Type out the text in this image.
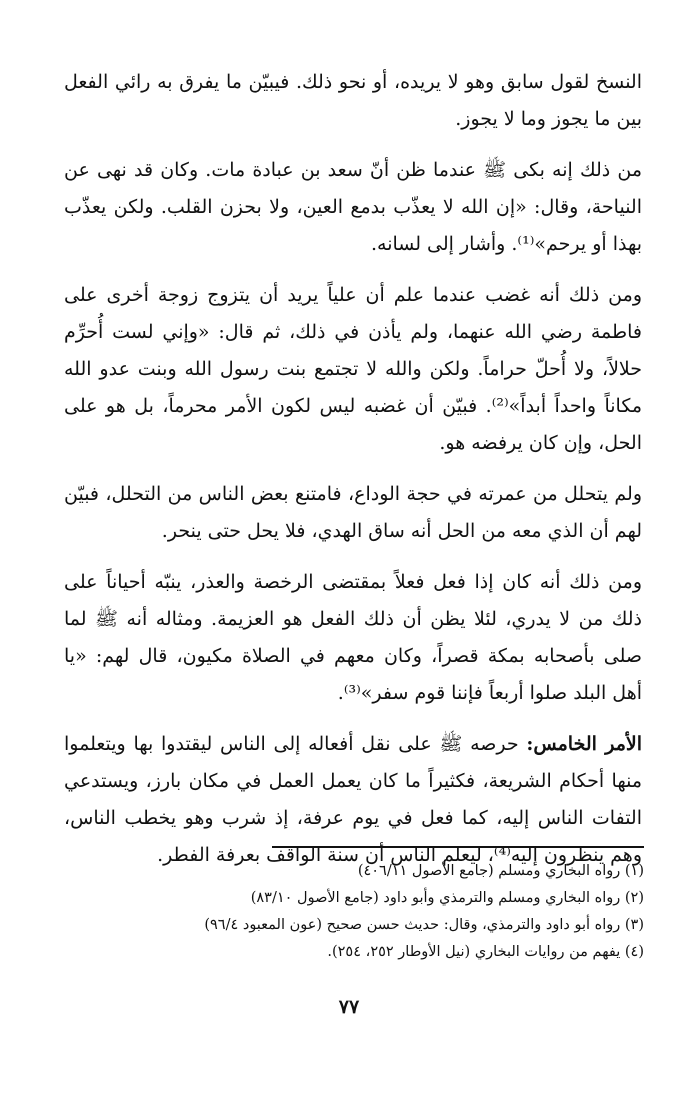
النسخ لقول سابق وهو لا يريده، أو نحو ذلك. فيبيّن ما يفرق به رائي الفعل بين ما يجوز وما لا يجوز.

من ذلك إنه بكى ﷺ عندما ظن أنّ سعد بن عبادة مات. وكان قد نهى عن النياحة، وقال: «إن الله لا يعذّب بدمع العين، ولا بحزن القلب. ولكن يعذّب بهذا أو يرحم»⁽¹⁾. وأشار إلى لسانه.

ومن ذلك أنه غضب عندما علم أن علياً يريد أن يتزوج زوجة أخرى على فاطمة رضي الله عنهما، ولم يأذن في ذلك، ثم قال: «وإني لست أُحرِّم حلالاً، ولا أُحلّ حراماً. ولكن والله لا تجتمع بنت رسول الله وبنت عدو الله مكاناً واحداً أبداً»⁽²⁾. فبيّن أن غضبه ليس لكون الأمر محرماً، بل هو على الحل، وإن كان يرفضه هو.

ولم يتحلل من عمرته في حجة الوداع، فامتنع بعض الناس من التحلل، فبيّن لهم أن الذي معه من الحل أنه ساق الهدي، فلا يحل حتى ينحر.

ومن ذلك أنه كان إذا فعل فعلاً بمقتضى الرخصة والعذر، ينبّه أحياناً على ذلك من لا يدري، لئلا يظن أن ذلك الفعل هو العزيمة. ومثاله أنه ﷺ لما صلى بأصحابه بمكة قصراً، وكان معهم في الصلاة مكيون، قال لهم: «يا أهل البلد صلوا أربعاً فإننا قوم سفر»⁽³⁾.

الأمر الخامس: حرصه ﷺ على نقل أفعاله إلى الناس ليقتدوا بها ويتعلموا منها أحكام الشريعة، فكثيراً ما كان يعمل العمل في مكان بارز، ويستدعي التفات الناس إليه، كما فعل في يوم عرفة، إذ شرب وهو يخطب الناس، وهم ينظرون إليه⁽⁴⁾، ليعلم الناس أن سنة الواقف بعرفة الفطر.

(١) رواه البخاري ومسلم (جامع الأصول ٤٠٦/١١)
(٢) رواه البخاري ومسلم والترمذي وأبو داود (جامع الأصول ٨٣/١٠)
(٣) رواه أبو داود والترمذي، وقال: حديث حسن صحيح (عون المعبود ٩٦/٤)
(٤) يفهم من روايات البخاري (نيل الأوطار ٢٥٢، ٢٥٤).
٧٧
